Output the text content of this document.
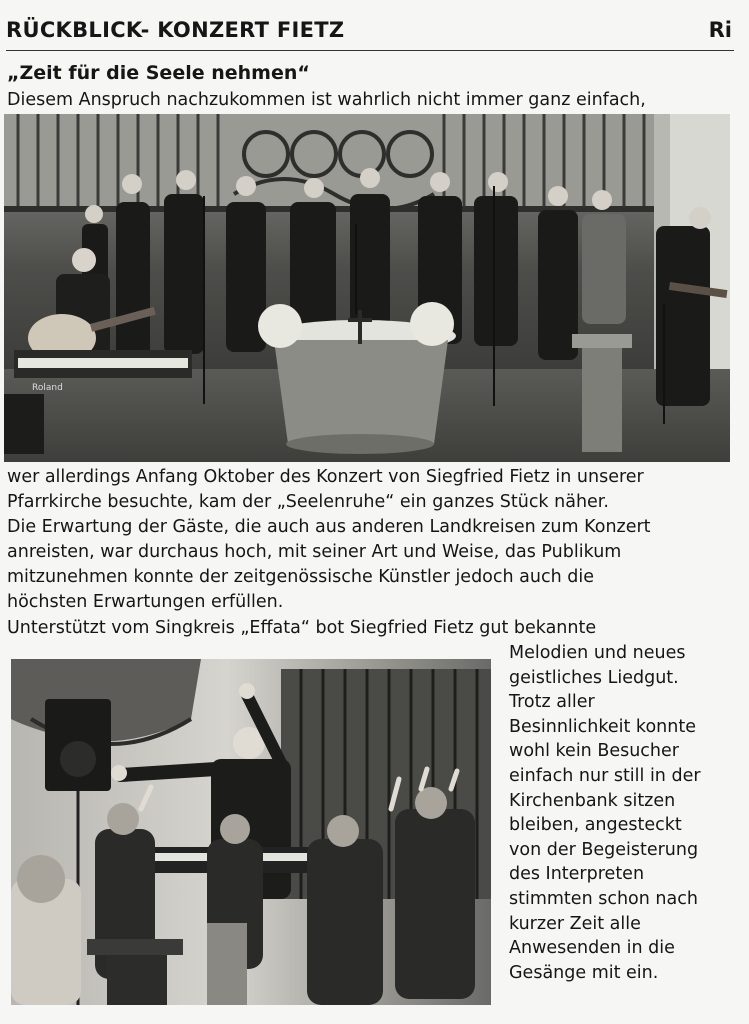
RÜCKBLICK- KONZERT FIETZ	Ri
„Zeit für die Seele nehmen“
Diesem Anspruch nachzukommen ist wahrlich nicht immer ganz einfach,
Roland
wer allerdings Anfang Oktober des Konzert von Siegfried Fietz in unserer
Pfarrkirche besuchte, kam der „Seelenruhe“ ein ganzes Stück näher.
Die Erwartung der Gäste, die auch aus anderen Landkreisen zum Konzert
anreisten, war durchaus hoch, mit seiner Art und Weise, das Publikum
mitzunehmen konnte der zeitgenössische Künstler jedoch auch die
höchsten Erwartungen erfüllen.
Unterstützt vom Singkreis „Effata“ bot Siegfried Fietz gut bekannte
Melodien und neues
geistliches Liedgut.
Trotz aller
Besinnlichkeit konnte
wohl kein Besucher
einfach nur still in der
Kirchenbank sitzen
bleiben, angesteckt
von der Begeisterung
des Interpreten
stimmten schon nach
kurzer Zeit alle
Anwesenden in die
Gesänge mit ein.
